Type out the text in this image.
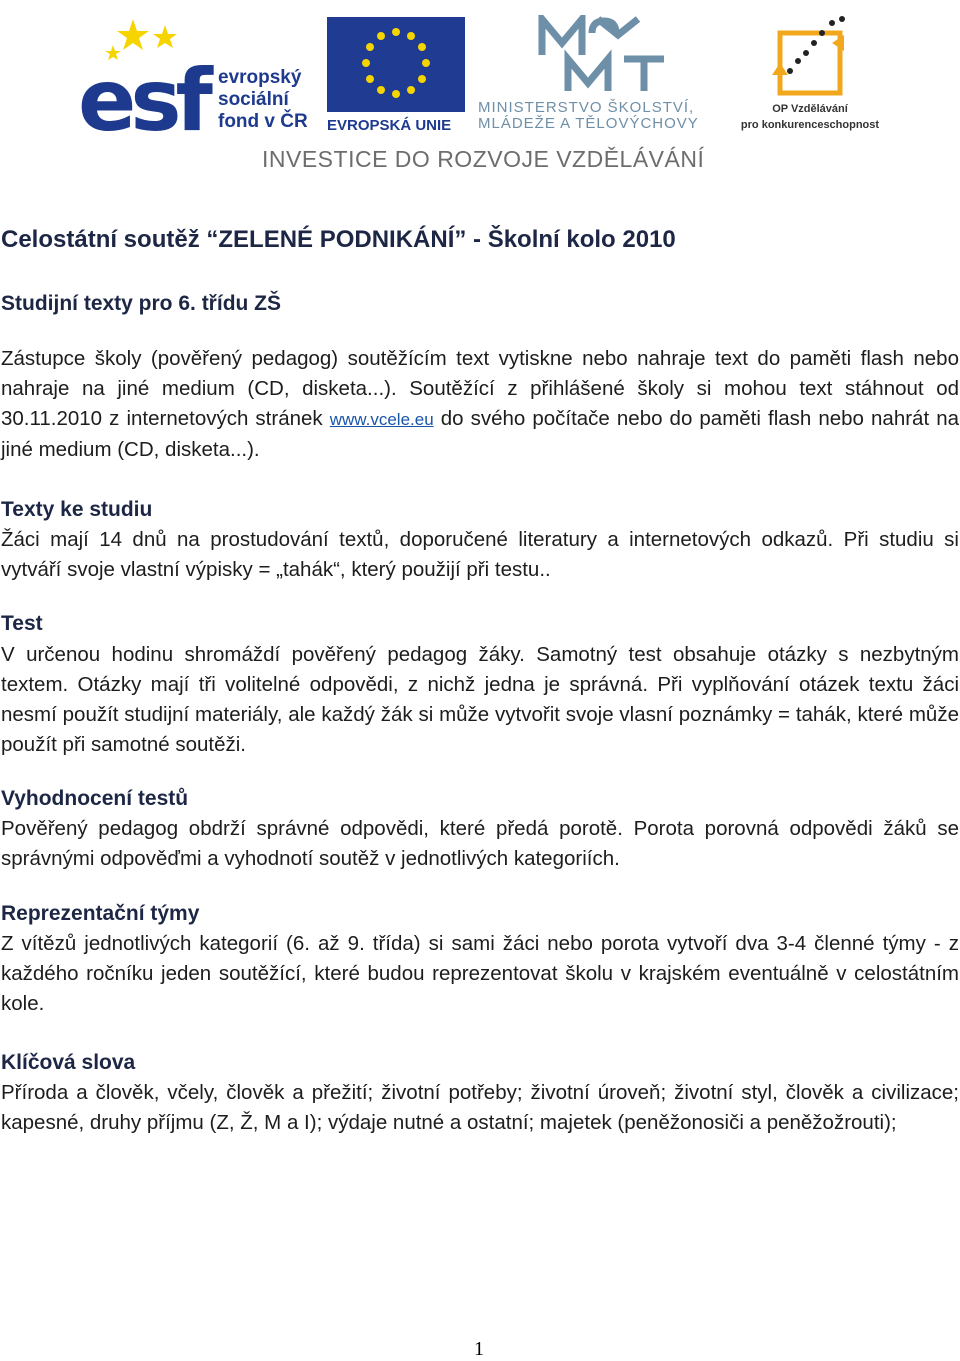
esf evropský
sociální
fond v ČR	EVROPSKÁ UNIE
MINISTERSTVO ŠKOLSTVÍ,
MLÁDEŽE A TĚLOVÝCHOVY
OP Vzdělávání
pro konkurenceschopnost
INVESTICE DO ROZVOJE VZDĚLÁVÁNÍ
Celostátní soutěž “ZELENÉ PODNIKÁNÍ” - Školní kolo 2010
Studijní texty pro 6. třídu ZŠ
Zástupce školy (pověřený pedagog) soutěžícím text vytiskne nebo nahraje text do paměti flash nebo nahraje na jiné medium (CD, disketa...). Soutěžící z přihlášené školy si mohou text stáhnout od 30.11.2010 z internetových stránek www.vcele.eu do svého počítače nebo do paměti flash nebo nahrát na jiné medium (CD, disketa...).
Texty ke studiu
Žáci mají 14 dnů na prostudování textů, doporučené literatury a internetových odkazů. Při studiu si vytváří svoje vlastní výpisky = „tahák“, který použijí při testu..
Test
V určenou hodinu shromáždí pověřený pedagog žáky. Samotný test obsahuje otázky s nezbytným textem. Otázky mají tři volitelné odpovědi, z nichž jedna je správná. Při vyplňování otázek textu žáci nesmí použít studijní materiály, ale každý žák si může vytvořit svoje vlasní poznámky = tahák, které může použít při samotné soutěži.
Vyhodnocení testů
Pověřený pedagog obdrží správné odpovědi, které předá porotě. Porota porovná odpovědi žáků se správnými odpověďmi a vyhodnotí soutěž v jednotlivých kategoriích.
Reprezentační týmy
Z vítězů jednotlivých kategorií (6. až 9. třída) si sami žáci nebo porota vytvoří dva 3-4 členné týmy - z každého ročníku jeden soutěžící, které budou reprezentovat školu v krajském eventuálně v celostátním kole.
Klíčová slova
Příroda a člověk, včely, člověk a přežití; životní potřeby; životní úroveň; životní styl, člověk a civilizace; kapesné, druhy příjmu (Z, Ž, M a I); výdaje nutné a ostatní; majetek (peněžonosiči a peněžožrouti);
1
